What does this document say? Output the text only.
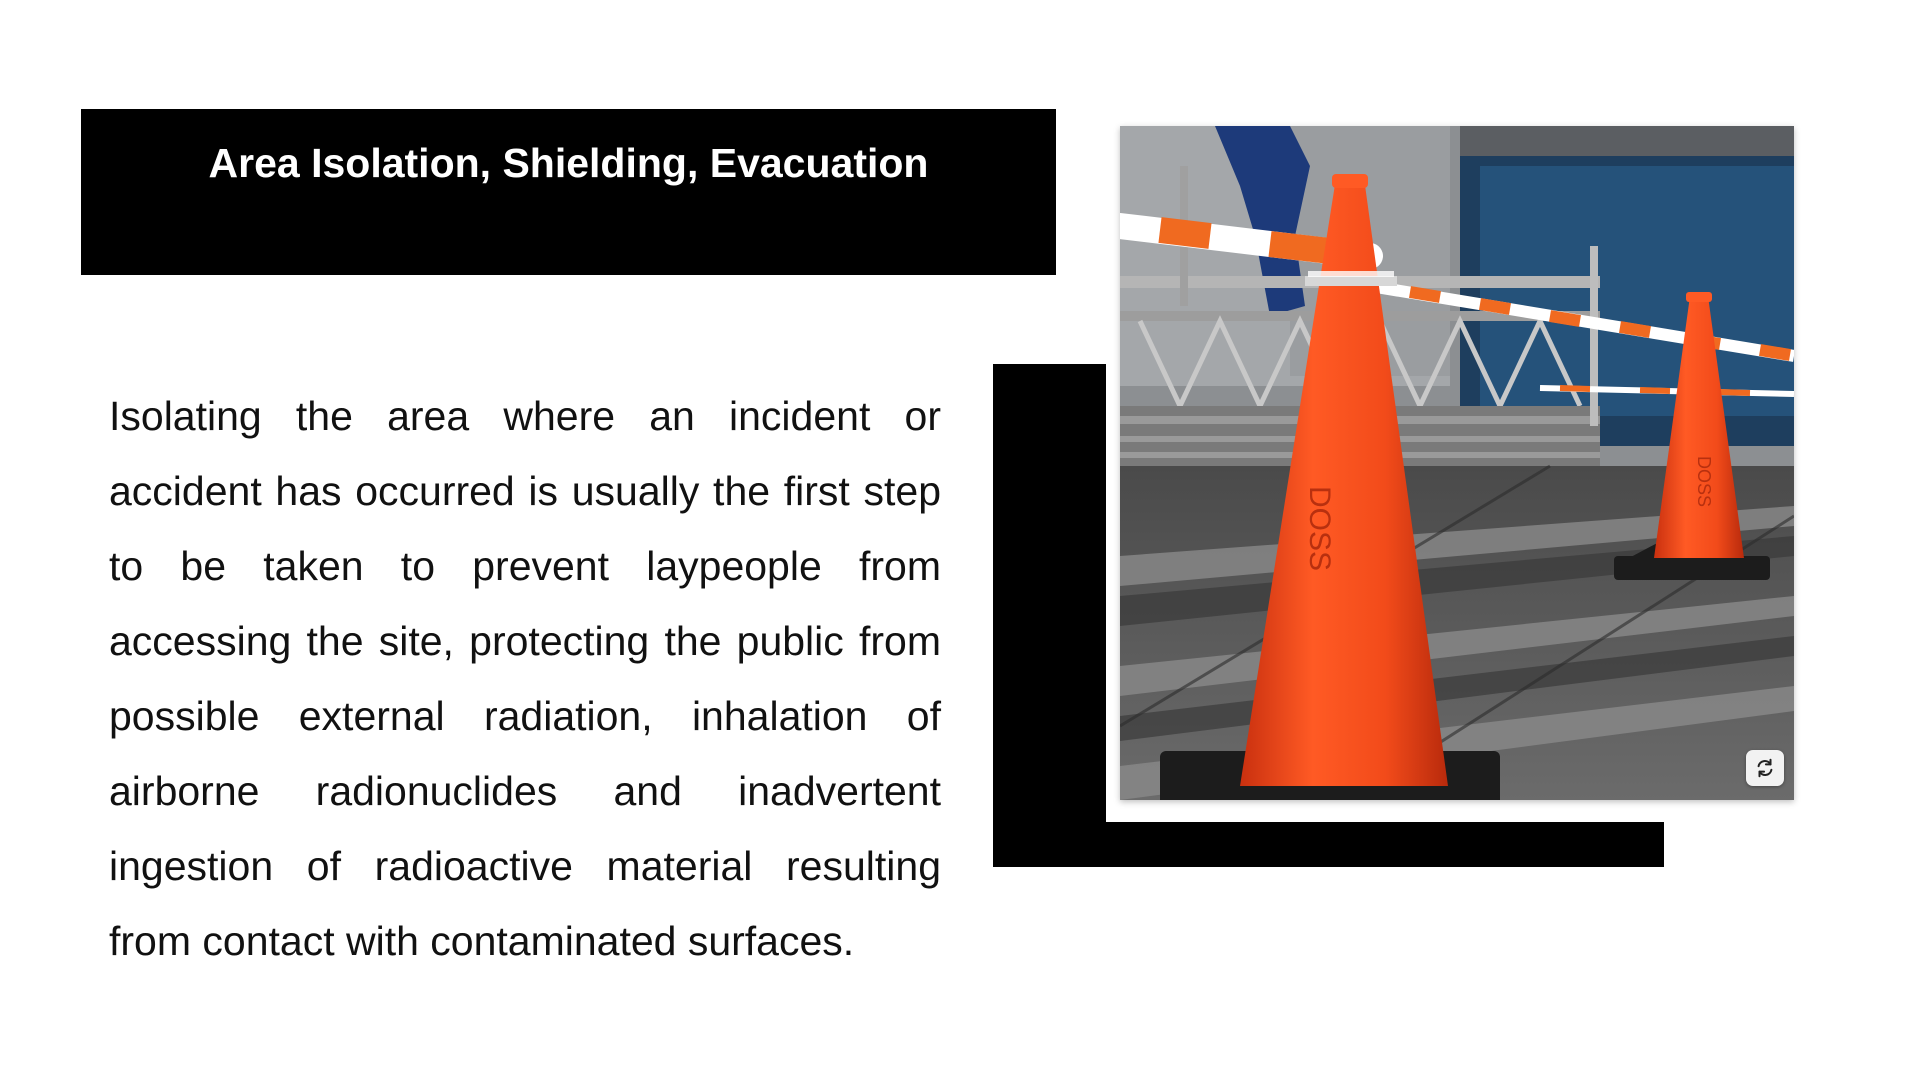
Area Isolation, Shielding, Evacuation

Isolating the area where an incident or accident has occurred is usually the first step to be taken to prevent laypeople from accessing the site, protecting the public from possible external radiation, inhalation of airborne radionuclides and inadvertent ingestion of radioactive material resulting from contact with contaminated surfaces.

DOSS
DOSS
